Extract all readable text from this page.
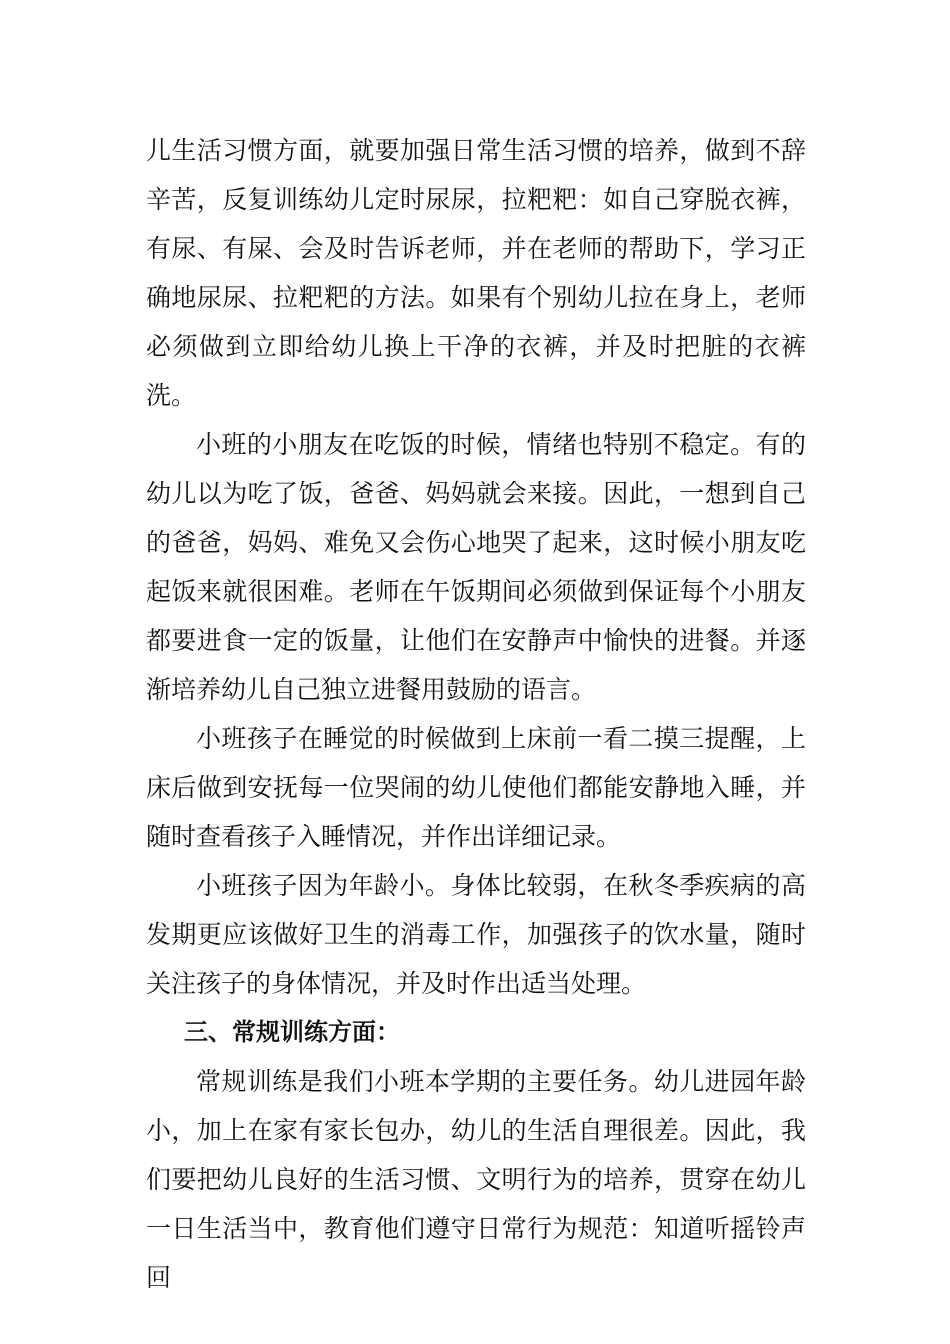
儿生活习惯方面，就要加强日常生活习惯的培养，做到不辞辛苦，反复训练幼儿定时尿尿，拉粑粑：如自己穿脱衣裤，有尿、有屎、会及时告诉老师，并在老师的帮助下，学习正确地尿尿、拉粑粑的方法。如果有个别幼儿拉在身上，老师必须做到立即给幼儿换上干净的衣裤，并及时把脏的衣裤洗。

小班的小朋友在吃饭的时候，情绪也特别不稳定。有的幼儿以为吃了饭，爸爸、妈妈就会来接。因此，一想到自己的爸爸，妈妈、难免又会伤心地哭了起来，这时候小朋友吃起饭来就很困难。老师在午饭期间必须做到保证每个小朋友都要进食一定的饭量，让他们在安静声中愉快的进餐。并逐渐培养幼儿自己独立进餐用鼓励的语言。

小班孩子在睡觉的时候做到上床前一看二摸三提醒，上床后做到安抚每一位哭闹的幼儿使他们都能安静地入睡，并随时查看孩子入睡情况，并作出详细记录。

小班孩子因为年龄小。身体比较弱，在秋冬季疾病的高发期更应该做好卫生的消毒工作，加强孩子的饮水量，随时关注孩子的身体情况，并及时作出适当处理。

三、常规训练方面：

常规训练是我们小班本学期的主要任务。幼儿进园年龄小，加上在家有家长包办，幼儿的生活自理很差。因此，我们要把幼儿良好的生活习惯、文明行为的培养，贯穿在幼儿一日生活当中，教育他们遵守日常行为规范：知道听摇铃声回
